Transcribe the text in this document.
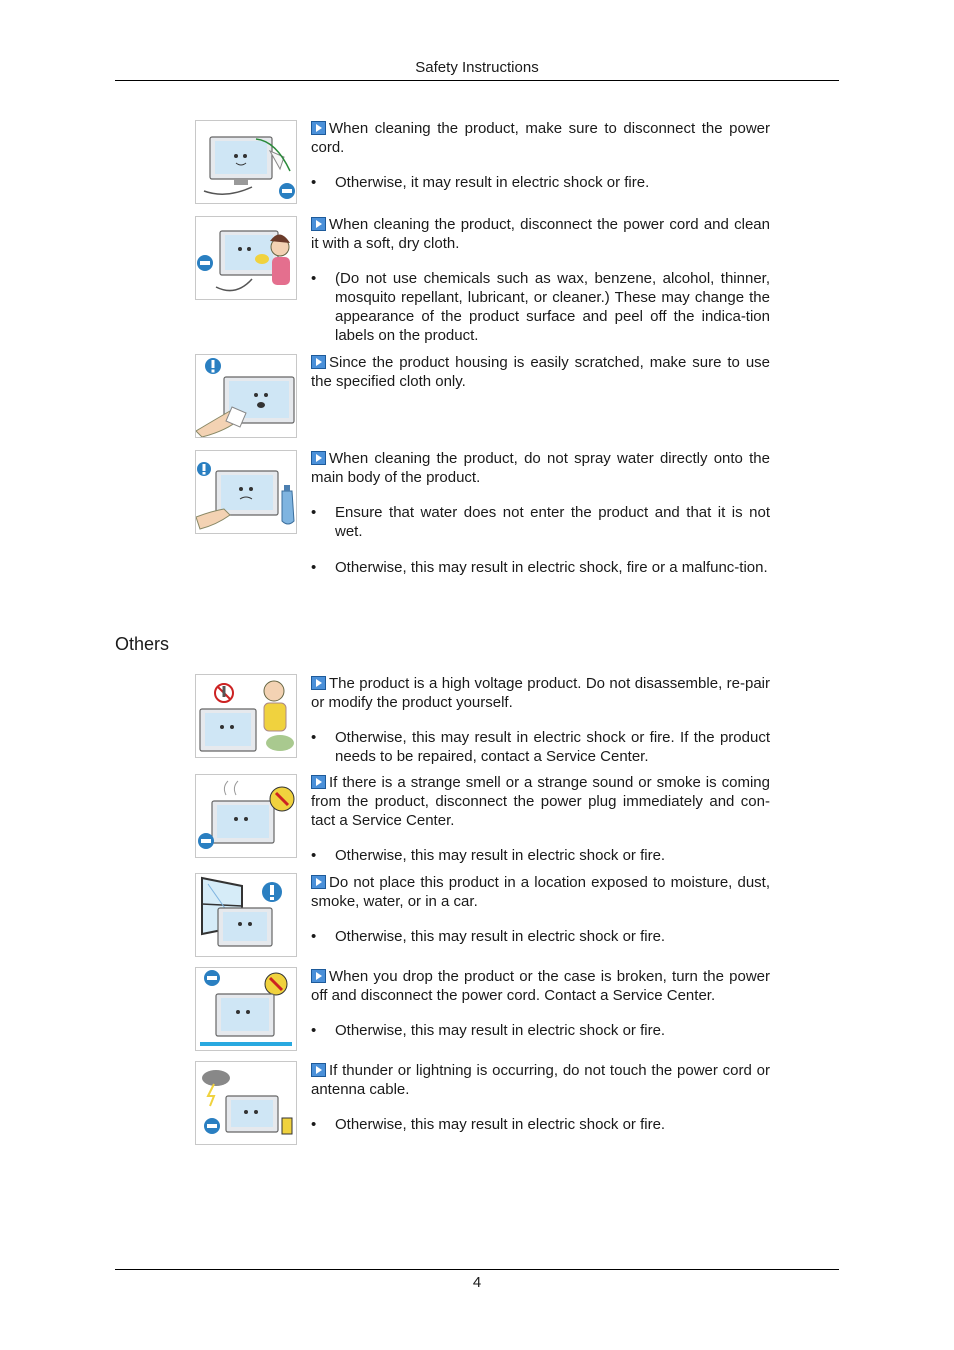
Safety Instructions

When cleaning the product, make sure to disconnect the power cord.

• Otherwise, it may result in electric shock or fire.

When cleaning the product, disconnect the power cord and clean it with a soft, dry cloth.

• (Do not use chemicals such as wax, benzene, alcohol, thinner, mosquito repellant, lubricant, or cleaner.) These may change the appearance of the product surface and peel off the indica-tion labels on the product.

Since the product housing is easily scratched, make sure to use the specified cloth only.

When cleaning the product, do not spray water directly onto the main body of the product.

• Ensure that water does not enter the product and that it is not wet.
• Otherwise, this may result in electric shock, fire or a malfunc-tion.
Others

The product is a high voltage product. Do not disassemble, re-pair or modify the product yourself.

• Otherwise, this may result in electric shock or fire. If the product needs to be repaired, contact a Service Center.

If there is a strange smell or a strange sound or smoke is coming from the product, disconnect the power plug immediately and con-tact a Service Center.

• Otherwise, this may result in electric shock or fire.

Do not place this product in a location exposed to moisture, dust, smoke, water, or in a car.

• Otherwise, this may result in electric shock or fire.

When you drop the product or the case is broken, turn the power off and disconnect the power cord. Contact a Service Center.

• Otherwise, this may result in electric shock or fire.

If thunder or lightning is occurring, do not touch the power cord or antenna cable.

• Otherwise, this may result in electric shock or fire.
4
